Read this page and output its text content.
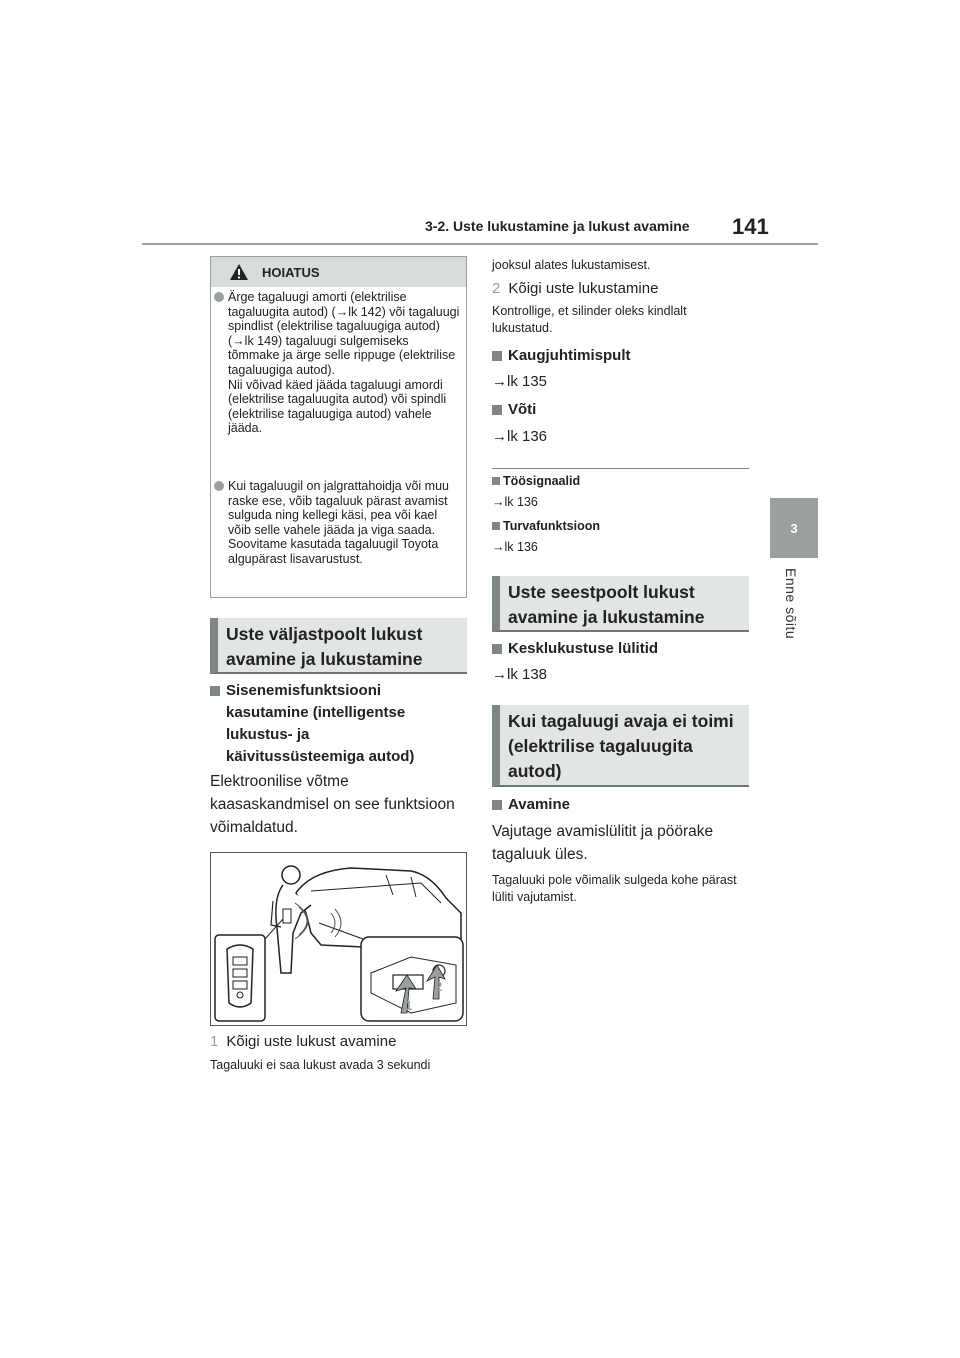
3-2. Uste lukustamine ja lukust avamine 141
3
Enne sõitu
HOIATUS
Ärge tagaluugi amorti (elektrilise tagaluugita autod) (→lk 142) või tagaluugi spindlist (elektrilise tagaluugiga autod) (→lk 149) tagaluugi sulgemiseks tõmmake ja ärge selle rippuge (elektrilise tagaluugiga autod).
Nii võivad käed jääda tagaluugi amordi (elektrilise tagaluugita autod) või spindli (elektrilise tagaluugiga autod) vahele jääda.
Kui tagaluugil on jalgrattahoidja või muu raske ese, võib tagaluuk pärast avamist sulguda ning kellegi käsi, pea või kael võib selle vahele jääda ja viga saada. Soovitame kasutada tagaluugil Toyota algupärast lisavarustust.
Uste väljastpoolt lukust avamine ja lukustamine
Sisenemisfunktsiooni kasutamine (intelligentse lukustus- ja käivitussüsteemiga autod)
Elektroonilise võtme kaasaskandmisel on see funktsioon võimaldatud.
1
2
1 Kõigi uste lukust avamine
Tagaluuki ei saa lukust avada 3 sekundi
jooksul alates lukustamisest.
2 Kõigi uste lukustamine
Kontrollige, et silinder oleks kindlalt lukustatud.
Kaugjuhtimispult
→lk 135
Võti
→lk 136
Töösignaalid
→lk 136
Turvafunktsioon
→lk 136
Uste seestpoolt lukust avamine ja lukustamine
Kesklukustuse lülitid
→lk 138
Kui tagaluugi avaja ei toimi (elektrilise tagaluugita autod)
Avamine
Vajutage avamislülitit ja pöörake tagaluuk üles.
Tagaluuki pole võimalik sulgeda kohe pärast lüliti vajutamist.
